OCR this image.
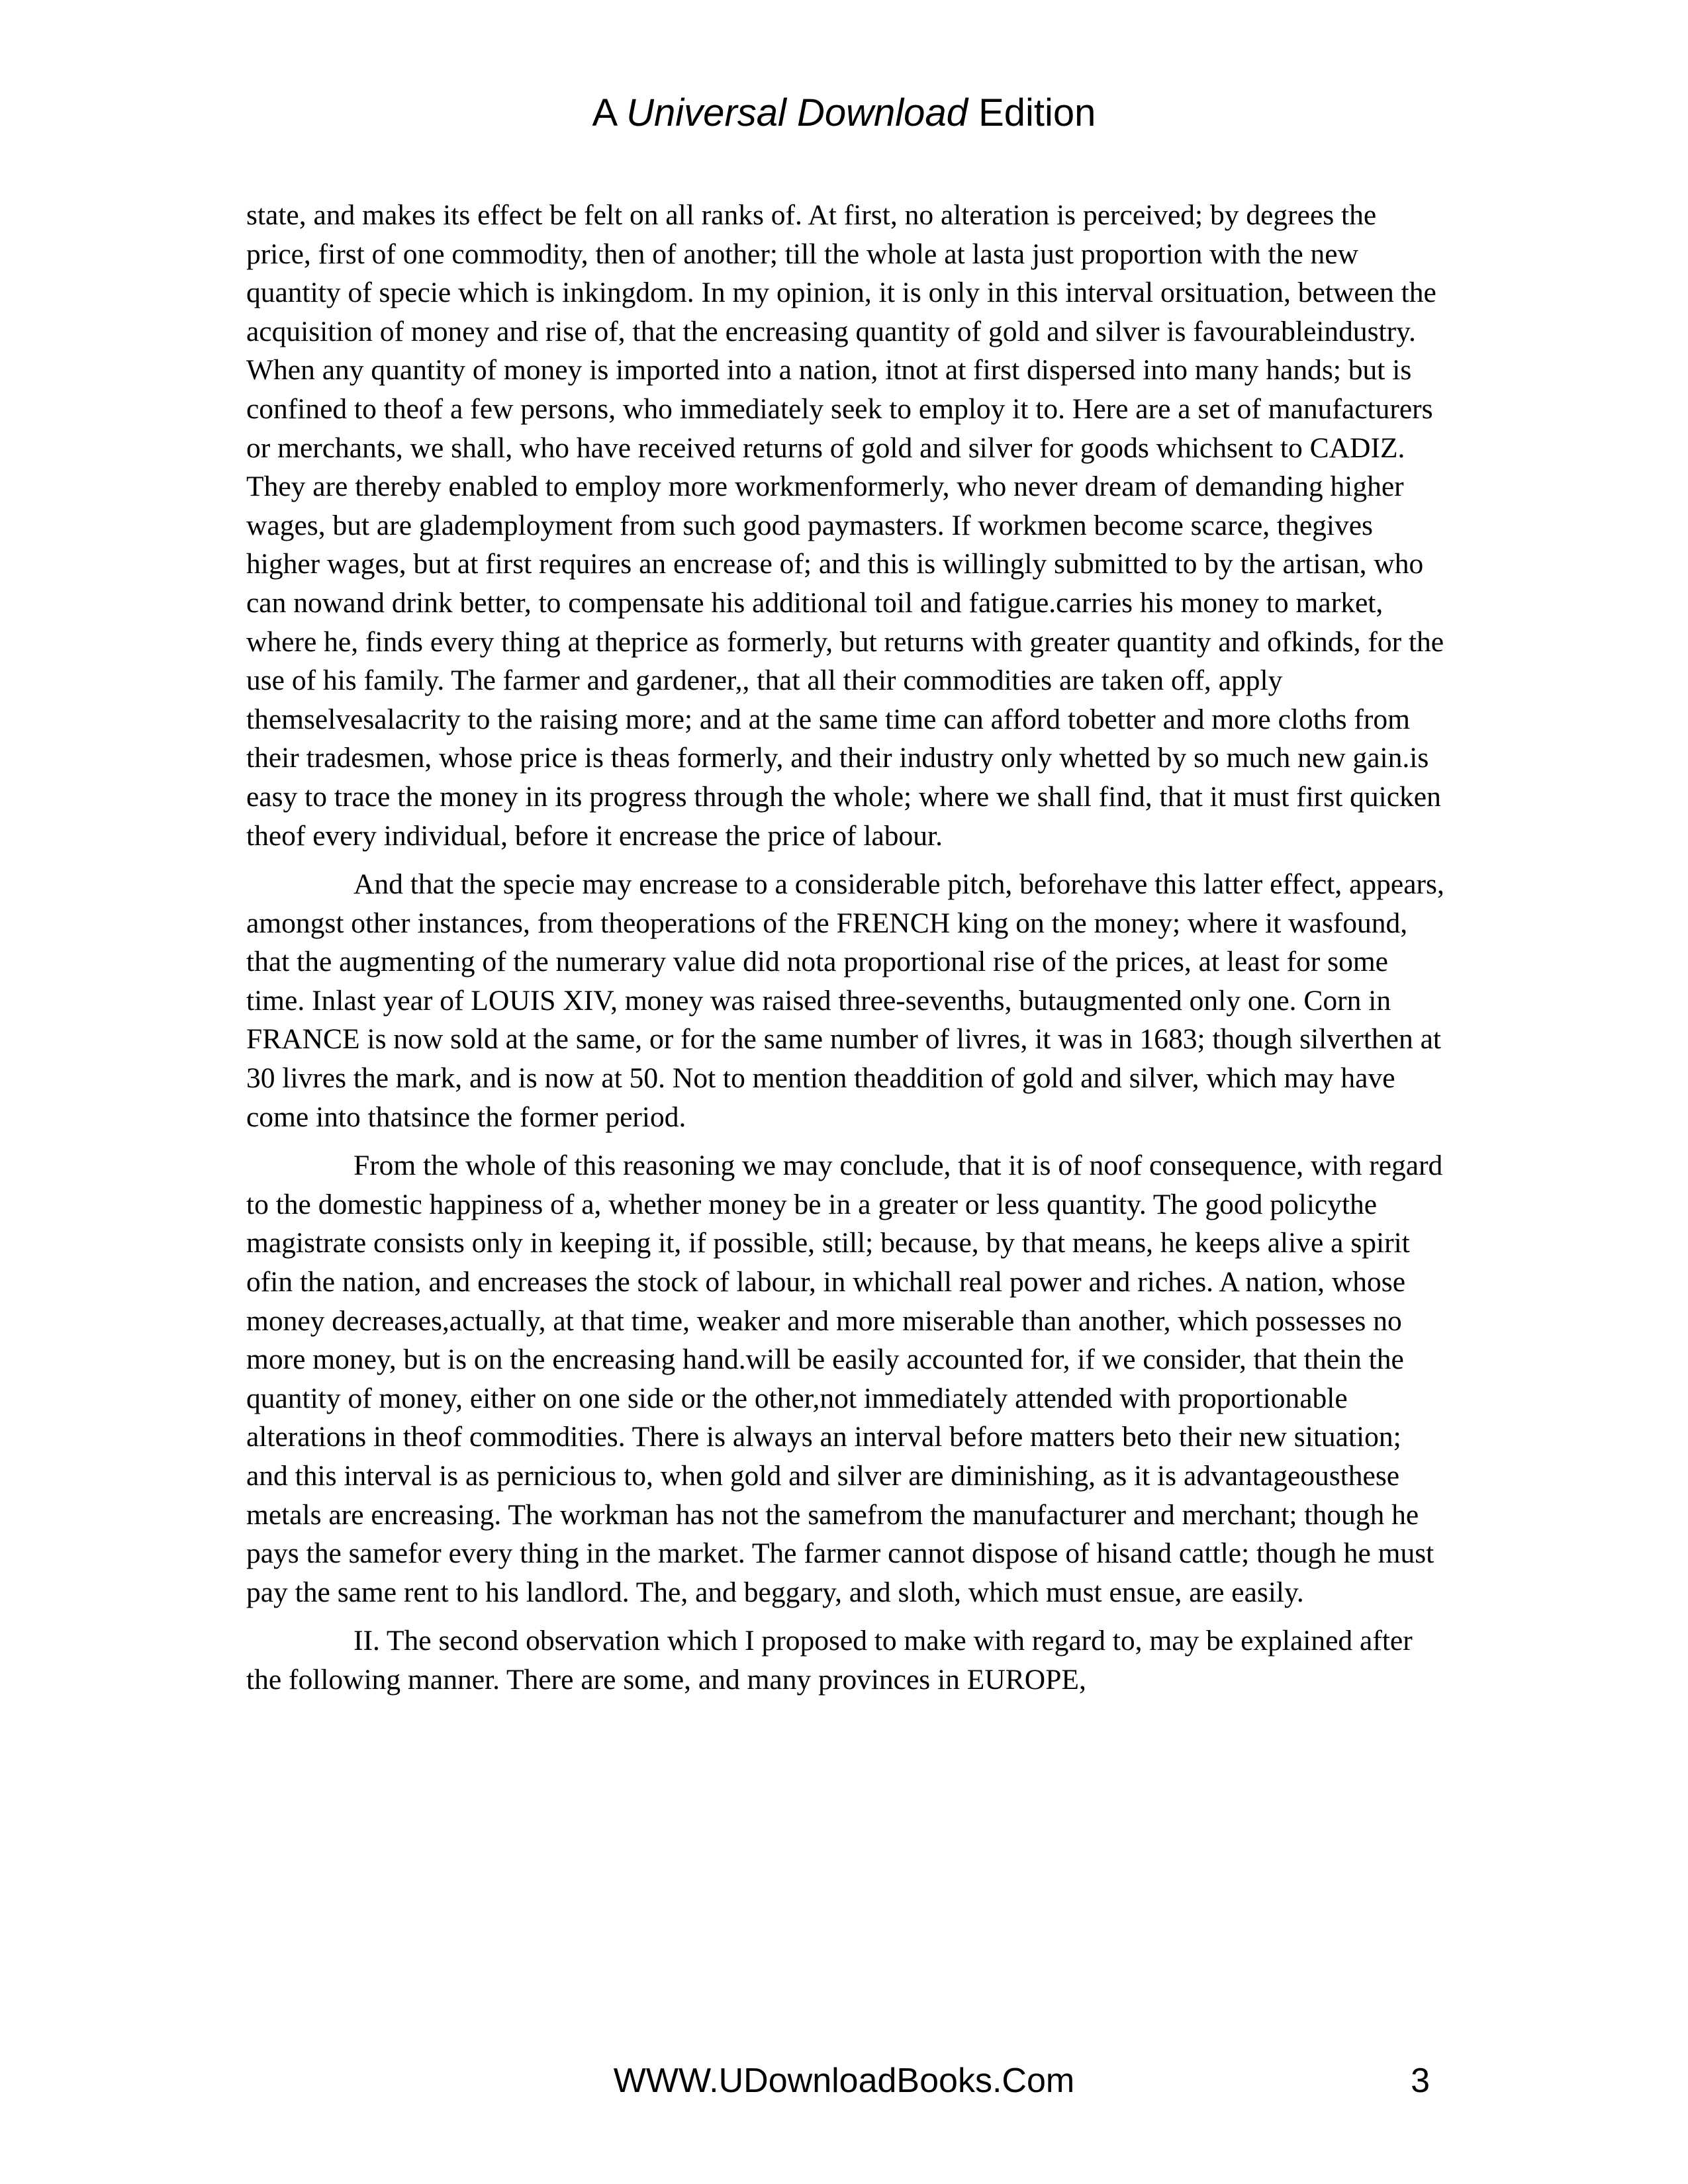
A Universal Download Edition

state, and makes its effect be felt on all ranks of. At first, no alteration is perceived; by degrees the price, first of one commodity, then of another; till the whole at lasta just proportion with the new quantity of specie which is inkingdom. In my opinion, it is only in this interval orsituation, between the acquisition of money and rise of, that the encreasing quantity of gold and silver is favourableindustry. When any quantity of money is imported into a nation, itnot at first dispersed into many hands; but is confined to theof a few persons, who immediately seek to employ it to. Here are a set of manufacturers or merchants, we shall, who have received returns of gold and silver for goods whichsent to CADIZ. They are thereby enabled to employ more workmenformerly, who never dream of demanding higher wages, but are glademployment from such good paymasters. If workmen become scarce, thegives higher wages, but at first requires an encrease of; and this is willingly submitted to by the artisan, who can nowand drink better, to compensate his additional toil and fatigue.carries his money to market, where he, finds every thing at theprice as formerly, but returns with greater quantity and ofkinds, for the use of his family. The farmer and gardener,, that all their commodities are taken off, apply themselvesalacrity to the raising more; and at the same time can afford tobetter and more cloths from their tradesmen, whose price is theas formerly, and their industry only whetted by so much new gain.is easy to trace the money in its progress through the whole; where we shall find, that it must first quicken theof every individual, before it encrease the price of labour.

And that the specie may encrease to a considerable pitch, beforehave this latter effect, appears, amongst other instances, from theoperations of the FRENCH king on the money; where it wasfound, that the augmenting of the numerary value did nota proportional rise of the prices, at least for some time. Inlast year of LOUIS XIV, money was raised three-sevenths, butaugmented only one. Corn in FRANCE is now sold at the same, or for the same number of livres, it was in 1683; though silverthen at 30 livres the mark, and is now at 50. Not to mention theaddition of gold and silver, which may have come into thatsince the former period.

From the whole of this reasoning we may conclude, that it is of noof consequence, with regard to the domestic happiness of a, whether money be in a greater or less quantity. The good policythe magistrate consists only in keeping it, if possible, still; because, by that means, he keeps alive a spirit ofin the nation, and encreases the stock of labour, in whichall real power and riches. A nation, whose money decreases,actually, at that time, weaker and more miserable than another, which possesses no more money, but is on the encreasing hand.will be easily accounted for, if we consider, that thein the quantity of money, either on one side or the other,not immediately attended with proportionable alterations in theof commodities. There is always an interval before matters beto their new situation; and this interval is as pernicious to, when gold and silver are diminishing, as it is advantageousthese metals are encreasing. The workman has not the samefrom the manufacturer and merchant; though he pays the samefor every thing in the market. The farmer cannot dispose of hisand cattle; though he must pay the same rent to his landlord. The, and beggary, and sloth, which must ensue, are easily.

II. The second observation which I proposed to make with regard to, may be explained after the following manner. There are some, and many provinces in EUROPE,

WWW.UDownloadBooks.Com	3
